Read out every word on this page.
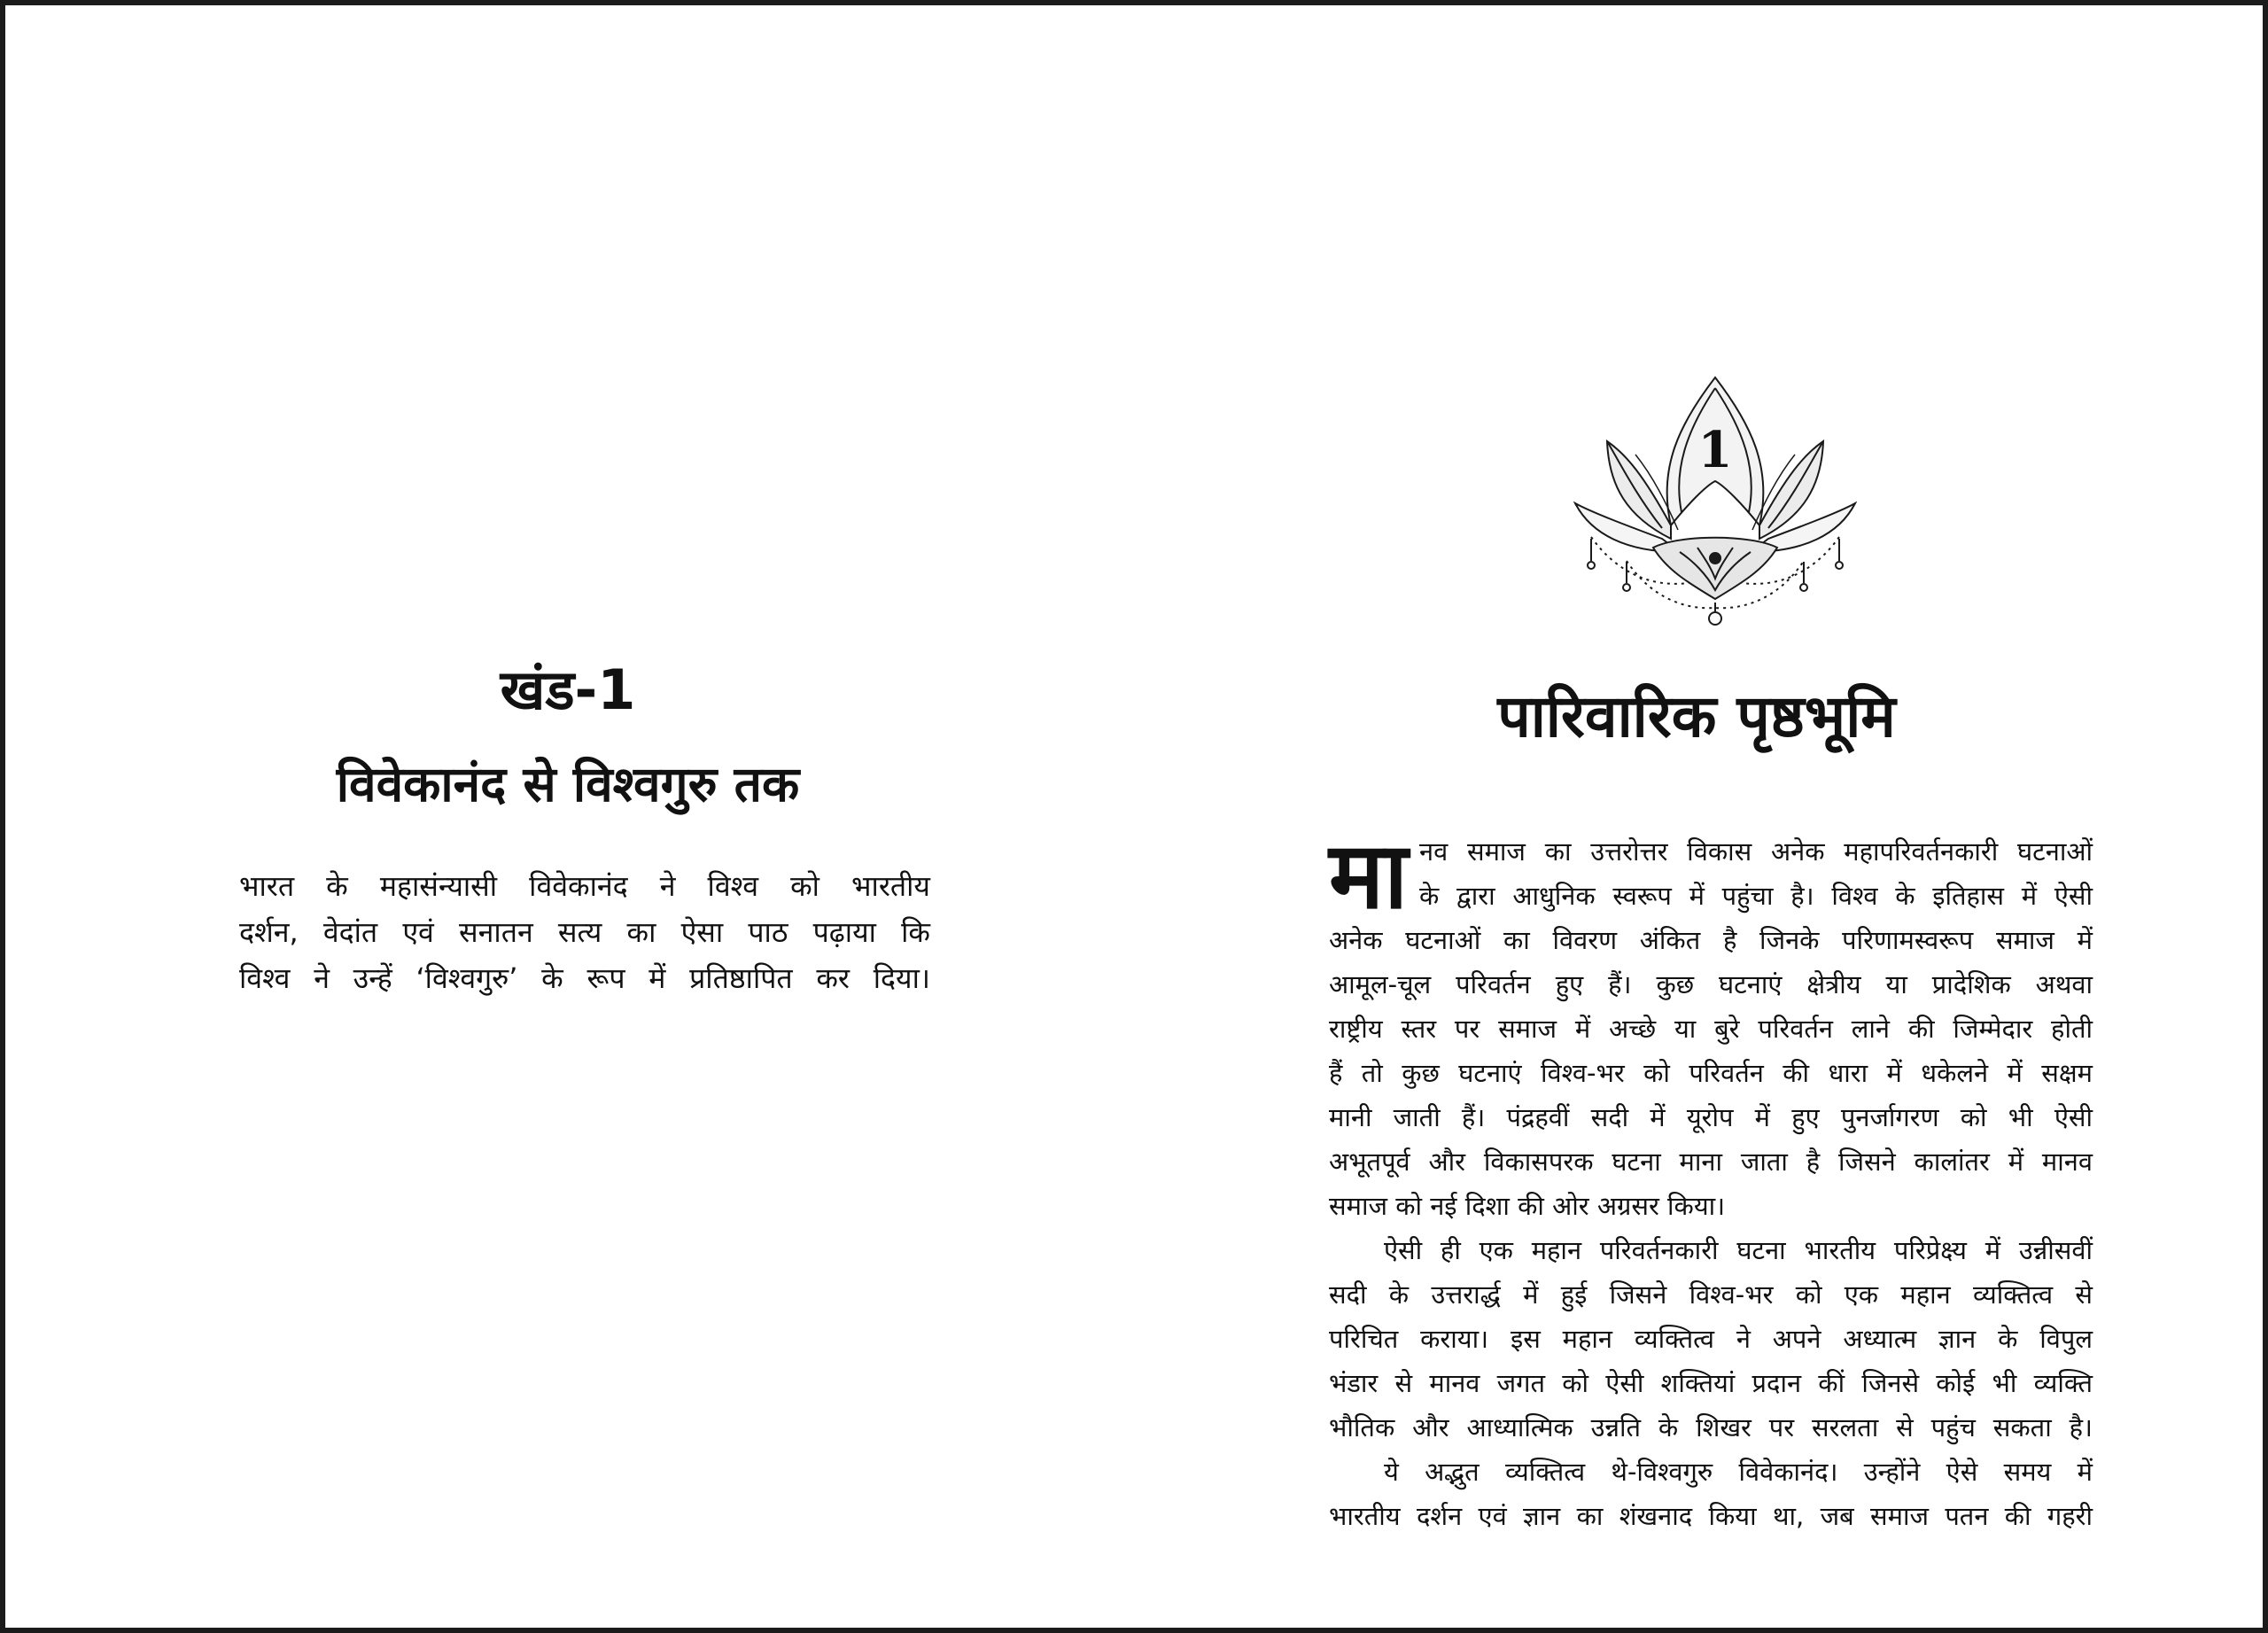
खंड-1
विवेकानंद से विश्वगुरु तक
भारत के महासंन्यासी विवेकानंद ने विश्व को भारतीय
दर्शन, वेदांत एवं सनातन सत्य का ऐसा पाठ पढ़ाया कि
विश्व ने उन्हें ‘विश्वगुरु’ के रूप में प्रतिष्ठापित कर दिया।
1
पारिवारिक पृष्ठभूमि
मा नव समाज का उत्तरोत्तर विकास अनेक महापरिवर्तनकारी घटनाओं
के द्वारा आधुनिक स्वरूप में पहुंचा है। विश्व के इतिहास में ऐसी
अनेक घटनाओं का विवरण अंकित है जिनके परिणामस्वरूप समाज में
आमूल-चूल परिवर्तन हुए हैं। कुछ घटनाएं क्षेत्रीय या प्रादेशिक अथवा
राष्ट्रीय स्तर पर समाज में अच्छे या बुरे परिवर्तन लाने की जिम्मेदार होती
हैं तो कुछ घटनाएं विश्व-भर को परिवर्तन की धारा में धकेलने में सक्षम
मानी जाती हैं। पंद्रहवीं सदी में यूरोप में हुए पुनर्जागरण को भी ऐसी
अभूतपूर्व और विकासपरक घटना माना जाता है जिसने कालांतर में मानव
समाज को नई दिशा की ओर अग्रसर किया।
ऐसी ही एक महान परिवर्तनकारी घटना भारतीय परिप्रेक्ष्य में उन्नीसवीं
सदी के उत्तरार्द्ध में हुई जिसने विश्व-भर को एक महान व्यक्तित्व से
परिचित कराया। इस महान व्यक्तित्व ने अपने अध्यात्म ज्ञान के विपुल
भंडार से मानव जगत को ऐसी शक्तियां प्रदान कीं जिनसे कोई भी व्यक्ति
भौतिक और आध्यात्मिक उन्नति के शिखर पर सरलता से पहुंच सकता है।
ये अद्भुत व्यक्तित्व थे-विश्वगुरु विवेकानंद। उन्होंने ऐसे समय में
भारतीय दर्शन एवं ज्ञान का शंखनाद किया था, जब समाज पतन की गहरी
